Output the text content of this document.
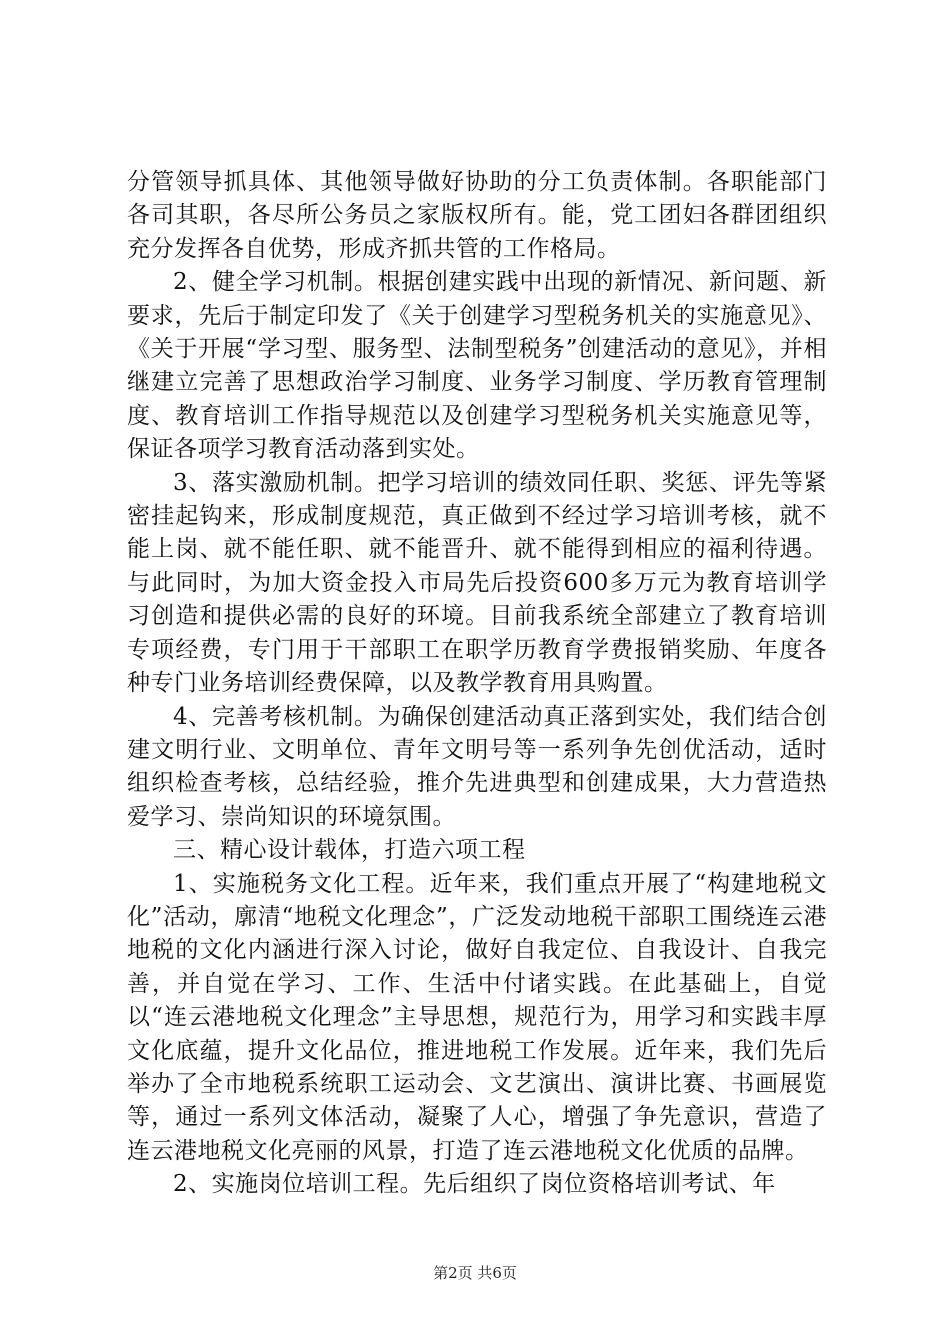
分管领导抓具体、其他领导做好协助的分工负责体制。各职能部门各司其职，各尽所公务员之家版权所有。能，党工团妇各群团组织充分发挥各自优势，形成齐抓共管的工作格局。

2、健全学习机制。根据创建实践中出现的新情况、新问题、新要求，先后于制定印发了《关于创建学习型税务机关的实施意见》、《关于开展“学习型、服务型、法制型税务”创建活动的意见》，并相继建立完善了思想政治学习制度、业务学习制度、学历教育管理制度、教育培训工作指导规范以及创建学习型税务机关实施意见等，保证各项学习教育活动落到实处。

3、落实激励机制。把学习培训的绩效同任职、奖惩、评先等紧密挂起钩来，形成制度规范，真正做到不经过学习培训考核，就不能上岗、就不能任职、就不能晋升、就不能得到相应的福利待遇。与此同时，为加大资金投入市局先后投资600多万元为教育培训学习创造和提供必需的良好的环境。目前我系统全部建立了教育培训专项经费，专门用于干部职工在职学历教育学费报销奖励、年度各种专门业务培训经费保障，以及教学教育用具购置。

4、完善考核机制。为确保创建活动真正落到实处，我们结合创建文明行业、文明单位、青年文明号等一系列争先创优活动，适时组织检查考核，总结经验，推介先进典型和创建成果，大力营造热爱学习、崇尚知识的环境氛围。

三、精心设计载体，打造六项工程

1、实施税务文化工程。近年来，我们重点开展了“构建地税文化”活动，廓清“地税文化理念”，广泛发动地税干部职工围绕连云港地税的文化内涵进行深入讨论，做好自我定位、自我设计、自我完善，并自觉在学习、工作、生活中付诸实践。在此基础上，自觉以“连云港地税文化理念”主导思想，规范行为，用学习和实践丰厚文化底蕴，提升文化品位，推进地税工作发展。近年来，我们先后举办了全市地税系统职工运动会、文艺演出、演讲比赛、书画展览等，通过一系列文体活动，凝聚了人心，增强了争先意识，营造了连云港地税文化亮丽的风景，打造了连云港地税文化优质的品牌。

2、实施岗位培训工程。先后组织了岗位资格培训考试、年

第2页 共6页
